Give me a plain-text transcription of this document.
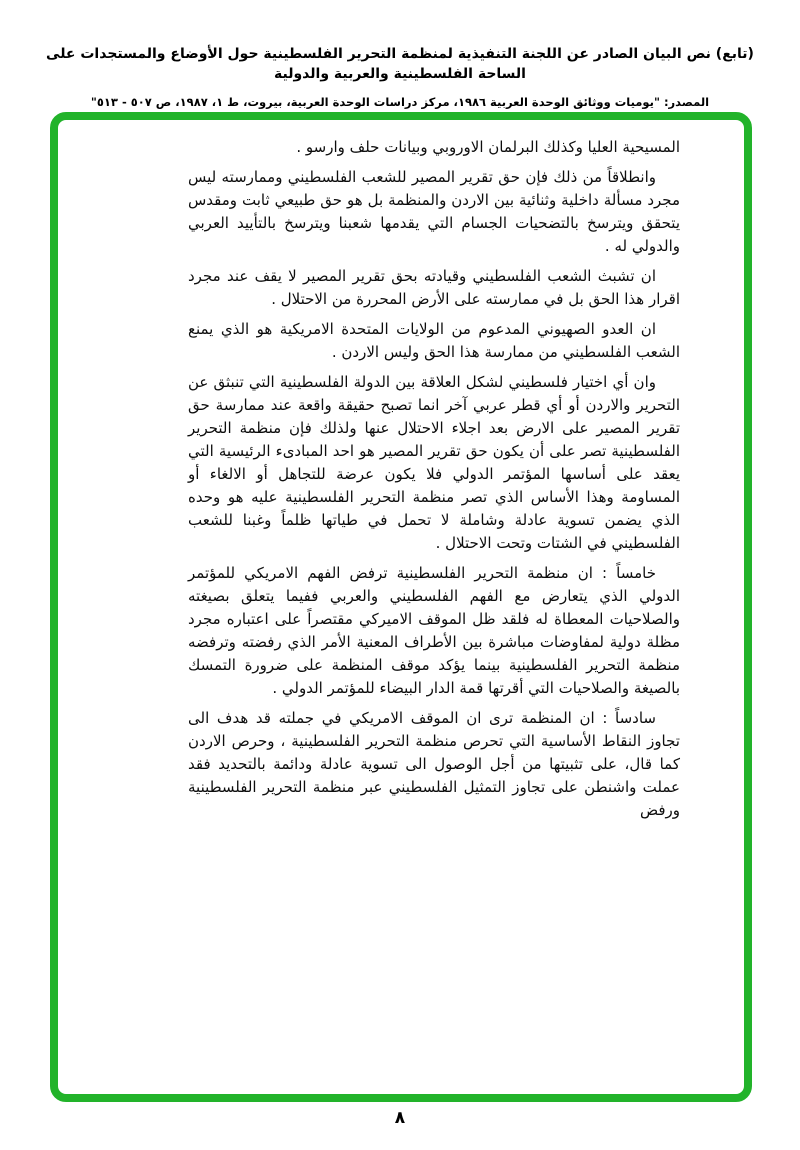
(تابع) نص البيان الصادر عن اللجنة التنفيذية لمنظمة التحرير الفلسطينية حول الأوضاع والمستجدات على الساحة الفلسطينية والعربية والدولية
المصدر: "يوميات ووثائق الوحدة العربية ١٩٨٦، مركز دراسات الوحدة العربية، بيروت، ط ١، ١٩٨٧، ص ٥٠٧ - ٥١٣"

المسيحية العليا وكذلك البرلمان الاوروبي وبيانات حلف وارسو .

وانطلاقاً من ذلك فإن حق تقرير المصير للشعب الفلسطيني وممارسته ليس مجرد مسألة داخلية وثنائية بين الاردن والمنظمة بل هو حق طبيعي ثابت ومقدس يتحقق ويترسخ بالتضحيات الجسام التي يقدمها شعبنا ويترسخ بالتأييد العربي والدولي له .

ان تشبث الشعب الفلسطيني وقيادته بحق تقرير المصير لا يقف عند مجرد اقرار هذا الحق بل في ممارسته على الأرض المحررة من الاحتلال .

ان العدو الصهيوني المدعوم من الولايات المتحدة الامريكية هو الذي يمنع الشعب الفلسطيني من ممارسة هذا الحق وليس الاردن .

وان أي اختيار فلسطيني لشكل العلاقة بين الدولة الفلسطينية التي تنبثق عن التحرير والاردن أو أي قطر عربي آخر انما تصبح حقيقة واقعة عند ممارسة حق تقرير المصير على الارض بعد اجلاء الاحتلال عنها ولذلك فإن منظمة التحرير الفلسطينية تصر على أن يكون حق تقرير المصير هو احد المبادىء الرئيسية التي يعقد على أساسها المؤتمر الدولي فلا يكون عرضة للتجاهل أو الالغاء أو المساومة وهذا الأساس الذي تصر منظمة التحرير الفلسطينية عليه هو وحده الذي يضمن تسوية عادلة وشاملة لا تحمل في طياتها ظلماً وغبنا للشعب الفلسطيني في الشتات وتحت الاحتلال .

خامساً : ان منظمة التحرير الفلسطينية ترفض الفهم الامريكي للمؤتمر الدولي الذي يتعارض مع الفهم الفلسطيني والعربي ففيما يتعلق بصيغته والصلاحيات المعطاة له فلقد ظل الموقف الاميركي مقتصراً على اعتباره مجرد مظلة دولية لمفاوضات مباشرة بين الأطراف المعنية الأمر الذي رفضته وترفضه منظمة التحرير الفلسطينية بينما يؤكد موقف المنظمة على ضرورة التمسك بالصيغة والصلاحيات التي أقرتها قمة الدار البيضاء للمؤتمر الدولي .

سادساً : ان المنظمة ترى ان الموقف الامريكي في جملته قد هدف الى تجاوز النقاط الأساسية التي تحرص منظمة التحرير الفلسطينية ، وحرص الاردن كما قال، على تثبيتها من أجل الوصول الى تسوية عادلة ودائمة بالتحديد فقد عملت واشنطن على تجاوز التمثيل الفلسطيني عبر منظمة التحرير الفلسطينية ورفض

٨
